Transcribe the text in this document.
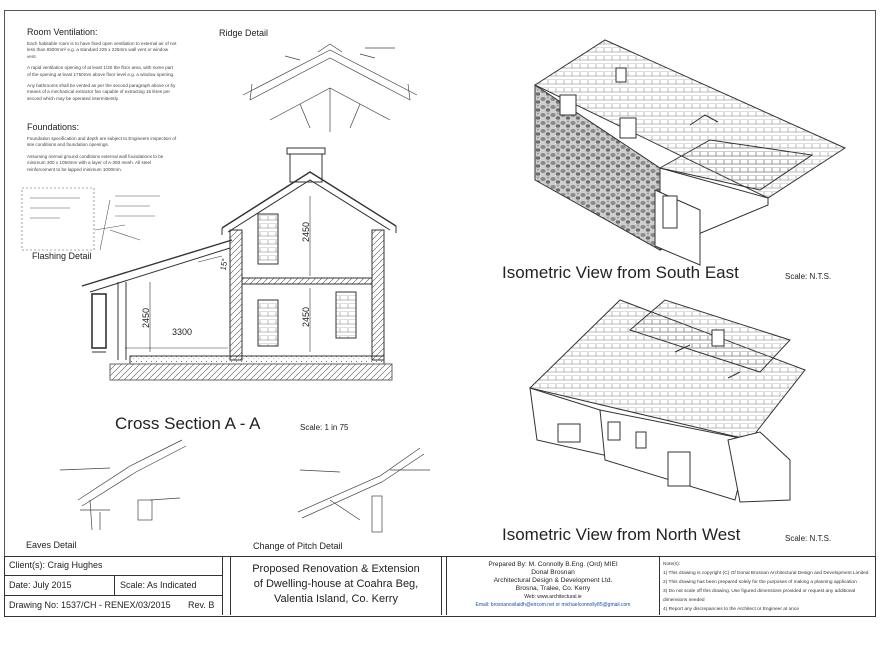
Room Ventilation:
Each habitable room is to have fixed open ventilation to external air of not less than 6500mm² e.g. a standard 225 x 225mm wall vent or window vent.
A rapid ventilation opening of at least 1/20 the floor area, with some part of the opening at least 1750mm above floor level e.g. a window opening.
Any bathrooms shall be vented as per the second paragraph above or by means of a mechanical extractor fan capable of extracting 15 litres per second which may be operated intermittently.
Foundations:
Foundation specification and depth are subject to Engineers inspection of site conditions and foundation openings.
Assuming normal ground conditions external wall foundations to be minimum 300 x 1050mm with a layer of A-393 mesh. All steel reinforcement to be lapped minimum 1000mm.
Ridge Detail
Flashing Detail
Eaves Detail	Change of Pitch Detail
2450
2450
2450
3300
15°
Cross Section A - A	Scale: 1 in 75
Isometric View from South East	Scale: N.T.S.
Isometric View from North West	Scale: N.T.S.
Client(s): Craig Hughes
Date: July 2015	Scale: As Indicated
Drawing No: 1537/CH - RENEX/03/2015 Rev. B
Proposed Renovation & Extension
of Dwelling-house at Coahra Beg,
Valentia Island, Co. Kerry
Prepared By: M. Connolly B.Eng. (Ord) MIEI
Donal Brosnan
Architectural Design & Development Ltd.
Brosna, Tralee, Co. Kerry
Web: www.architectural.ie
Email: brosnanceilaidh@eircom.net or michaelconnolly85@gmail.com
Note(s):
1) This drawing is copyright (C) Of Donal Brosnan Architectural Design and Development Limited
2) This drawing has been prepared solely for the purposes of making a planning application
3) Do not scale off this drawing. Use figured dimensions provided or request any additional dimensions needed
4) Report any discrepancies to the Architect or Engineer at once
